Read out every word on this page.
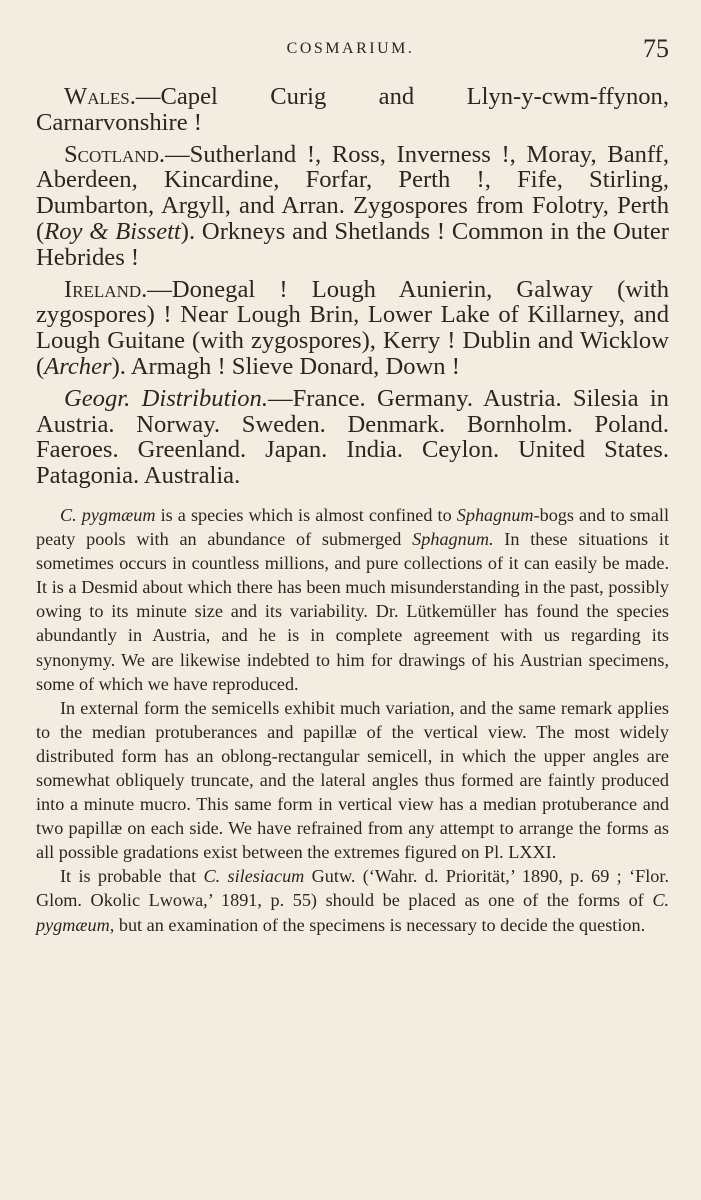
COSMARIUM.	75

Wales.—Capel Curig and Llyn-y-cwm-ffynon, Carnarvonshire !

Scotland.—Sutherland !, Ross, Inverness !, Moray, Banff, Aberdeen, Kincardine, Forfar, Perth !, Fife, Stirling, Dumbarton, Argyll, and Arran. Zygospores from Folotry, Perth (Roy & Bissett). Orkneys and Shetlands ! Common in the Outer Hebrides !

Ireland.—Donegal ! Lough Aunierin, Galway (with zygospores) ! Near Lough Brin, Lower Lake of Killarney, and Lough Guitane (with zygospores), Kerry ! Dublin and Wicklow (Archer). Armagh ! Slieve Donard, Down !

Geogr. Distribution.—France. Germany. Austria. Silesia in Austria. Norway. Sweden. Denmark. Bornholm. Poland. Faeroes. Greenland. Japan. India. Ceylon. United States. Patagonia. Australia.

C. pygmæum is a species which is almost confined to Sphagnum-bogs and to small peaty pools with an abundance of submerged Sphagnum. In these situations it sometimes occurs in countless millions, and pure collections of it can easily be made. It is a Desmid about which there has been much misunderstanding in the past, possibly owing to its minute size and its variability. Dr. Lütkemüller has found the species abundantly in Austria, and he is in complete agreement with us regarding its synonymy. We are likewise indebted to him for drawings of his Austrian specimens, some of which we have reproduced.

In external form the semicells exhibit much variation, and the same remark applies to the median protuberances and papillæ of the vertical view. The most widely distributed form has an oblong-rectangular semicell, in which the upper angles are somewhat obliquely truncate, and the lateral angles thus formed are faintly produced into a minute mucro. This same form in vertical view has a median protuberance and two papillæ on each side. We have refrained from any attempt to arrange the forms as all possible gradations exist between the extremes figured on Pl. LXXI.

It is probable that C. silesiacum Gutw. (‘Wahr. d. Priorität,’ 1890, p. 69 ; ‘Flor. Glom. Okolic Lwowa,’ 1891, p. 55) should be placed as one of the forms of C. pygmæum, but an examination of the specimens is necessary to decide the question.
